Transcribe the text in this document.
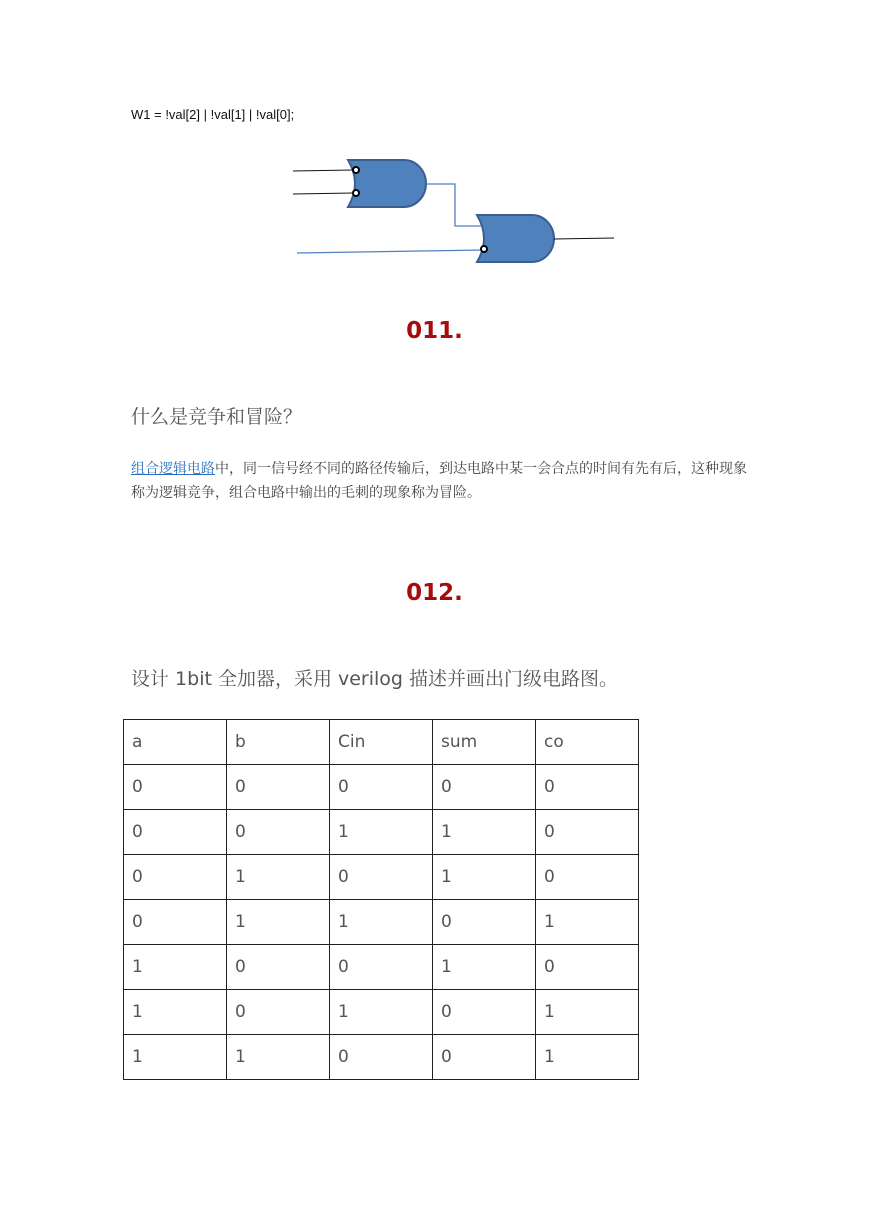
W1 = !val[2] | !val[1] | !val[0];
011.
什么是竞争和冒险？
组合逻辑电路中，同一信号经不同的路径传输后，到达电路中某一会合点的时间有先有后，这种现象称为逻辑竞争，组合电路中输出的毛刺的现象称为冒险。
012.
设计 1bit 全加器，采用 verilog 描述并画出门级电路图。
a	b	Cin	sum	co
0	0	0	0	0
0	0	1	1	0
0	1	0	1	0
0	1	1	0	1
1	0	0	1	0
1	0	1	0	1
1	1	0	0	1
